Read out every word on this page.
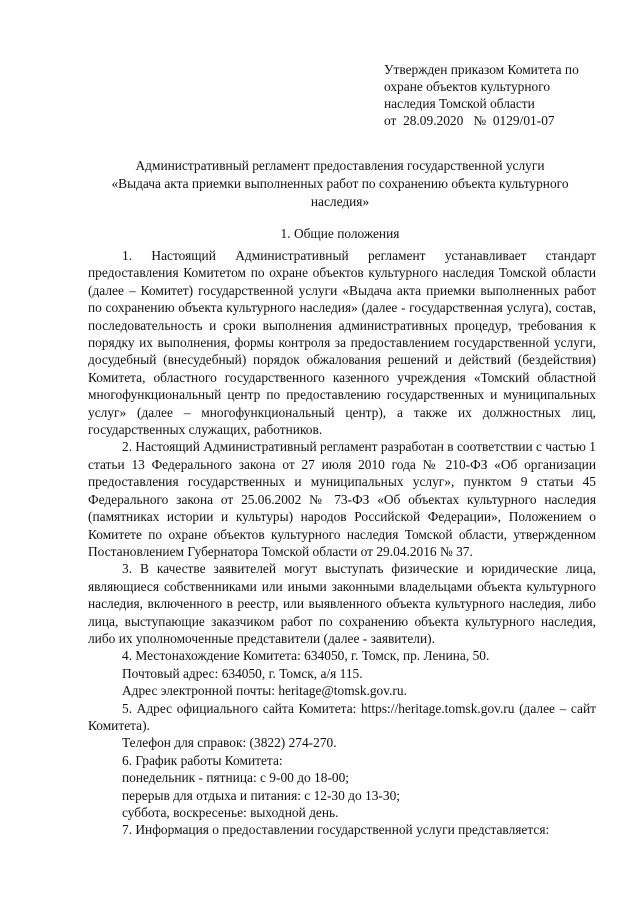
Утвержден приказом Комитета по
охране объектов культурного
наследия Томской области
от  28.09.2020   №  0129/01-07
Административный регламент предоставления государственной услуги
«Выдача акта приемки выполненных работ по сохранению объекта культурного
наследия»
1. Общие положения

1. Настоящий Административный регламент устанавливает стандарт предоставления Комитетом по охране объектов культурного наследия Томской области (далее – Комитет) государственной услуги «Выдача акта приемки выполненных работ по сохранению объекта культурного наследия» (далее - государственная услуга), состав, последовательность и сроки выполнения административных процедур, требования к порядку их выполнения, формы контроля за предоставлением государственной услуги, досудебный (внесудебный) порядок обжалования решений и действий (бездействия) Комитета, областного государственного казенного учреждения «Томский областной многофункциональный центр по предоставлению государственных и муниципальных услуг» (далее – многофункциональный центр), а также их должностных лиц, государственных служащих, работников.

2. Настоящий Административный регламент разработан в соответствии с частью 1 статьи 13 Федерального закона от 27 июля 2010 года № 210-ФЗ «Об организации предоставления государственных и муниципальных услуг», пунктом 9 статьи 45 Федерального закона от 25.06.2002 № 73-ФЗ «Об объектах культурного наследия (памятниках истории и культуры) народов Российской Федерации», Положением о Комитете по охране объектов культурного наследия Томской области, утвержденном Постановлением Губернатора Томской области от 29.04.2016 № 37.

3. В качестве заявителей могут выступать физические и юридические лица, являющиеся собственниками или иными законными владельцами объекта культурного наследия, включенного в реестр, или выявленного объекта культурного наследия, либо лица, выступающие заказчиком работ по сохранению объекта культурного наследия, либо их уполномоченные представители (далее - заявители).

4. Местонахождение Комитета: 634050, г. Томск, пр. Ленина, 50.

Почтовый адрес: 634050, г. Томск, а/я 115.

Адрес электронной почты: heritage@tomsk.gov.ru.

5. Адрес официального сайта Комитета: https://heritage.tomsk.gov.ru (далее – сайт Комитета).

Телефон для справок: (3822) 274-270.

6. График работы Комитета:

понедельник - пятница: с 9-00 до 18-00;

перерыв для отдыха и питания: с 12-30 до 13-30;

суббота, воскресенье: выходной день.

7. Информация о предоставлении государственной услуги представляется:
